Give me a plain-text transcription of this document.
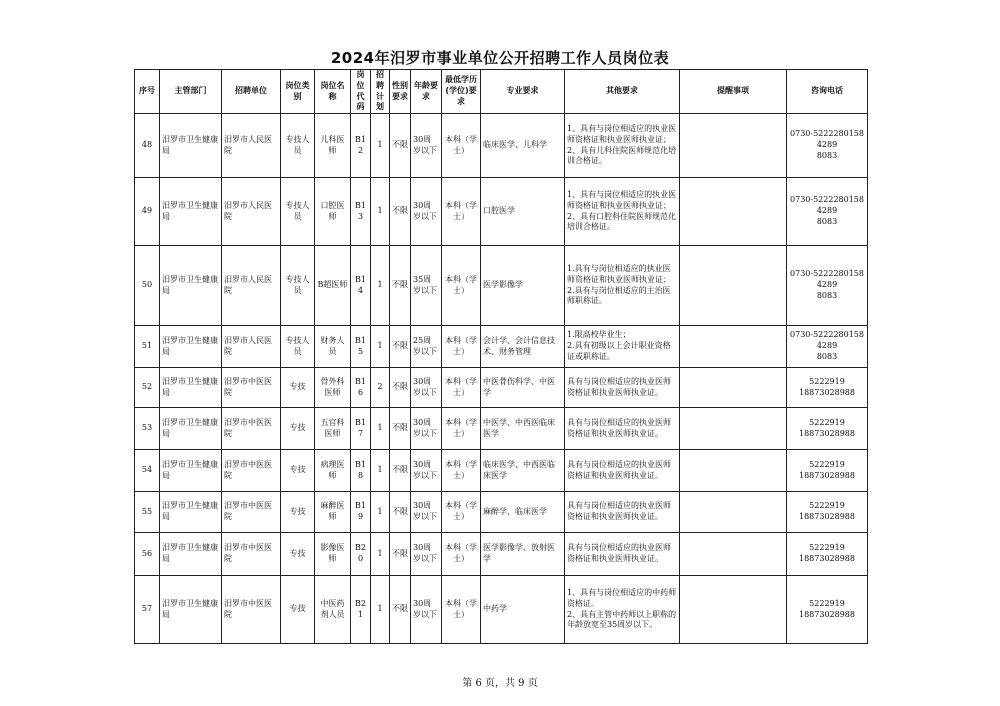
2024年汨罗市事业单位公开招聘工作人员岗位表
序号	主管部门	招聘单位	岗位类别	岗位名称	岗位代码	招聘计划	性别要求	年龄要求	最低学历(学位)要求	专业要求	其他要求	提醒事项	咨询电话
48	汨罗市卫生健康局	汨罗市人民医院	专技人员	儿科医师	B12	1	不限	30周岁以下	本科（学士）	临床医学、儿科学	1、具有与岗位相适应的执业医师资格证和执业医师执业证；
2、具有儿科住院医师规范化培训合格证。		0730-52222801584289
8083
49	汨罗市卫生健康局	汨罗市人民医院	专技人员	口腔医师	B13	1	不限	30周岁以下	本科（学士）	口腔医学	1、具有与岗位相适应的执业医师资格证和执业医师执业证；
2、具有口腔科住院医师规范化培训合格证。		0730-52222801584289
8083
50	汨罗市卫生健康局	汨罗市人民医院	专技人员	B超医师	B14	1	不限	35周岁以下	本科（学士）	医学影像学	1.具有与岗位相适应的执业医师资格证和执业医师执业证；
2.具有与岗位相适应的主治医师职称证。		0730-52222801584289
8083
51	汨罗市卫生健康局	汨罗市人民医院	专技人员	财务人员	B15	1	不限	25周岁以下	本科（学士）	会计学、会计信息技术、财务管理	1.限高校毕业生；
2.具有初级以上会计职业资格证或职称证。		0730-52222801584289
8083
52	汨罗市卫生健康局	汨罗市中医医院	专技	骨外科医师	B16	2	不限	30周岁以下	本科（学士）	中医骨伤科学、中医学	具有与岗位相适应的执业医师资格证和执业医师执业证。		5222919
18873028988
53	汨罗市卫生健康局	汨罗市中医医院	专技	五官科医师	B17	1	不限	30周岁以下	本科（学士）	中医学、中西医临床医学	具有与岗位相适应的执业医师资格证和执业医师执业证。		5222919
18873028988
54	汨罗市卫生健康局	汨罗市中医医院	专技	病理医师	B18	1	不限	30周岁以下	本科（学士）	临床医学、中西医临床医学	具有与岗位相适应的执业医师资格证和执业医师执业证。		5222919
18873028988
55	汨罗市卫生健康局	汨罗市中医医院	专技	麻醉医师	B19	1	不限	30周岁以下	本科（学士）	麻醉学、临床医学	具有与岗位相适应的执业医师资格证和执业医师执业证。		5222919
18873028988
56	汨罗市卫生健康局	汨罗市中医医院	专技	影像医师	B20	1	不限	30周岁以下	本科（学士）	医学影像学、放射医学	具有与岗位相适应的执业医师资格证和执业医师执业证。		5222919
18873028988
57	汨罗市卫生健康局	汨罗市中医医院	专技	中医药剂人员	B21	1	不限	30周岁以下	本科（学士）	中药学	1、具有与岗位相适应的中药师资格证。
2、具有主管中药师以上职称的年龄放宽至35周岁以下。		5222919
18873028988
第 6 页，共 9 页
